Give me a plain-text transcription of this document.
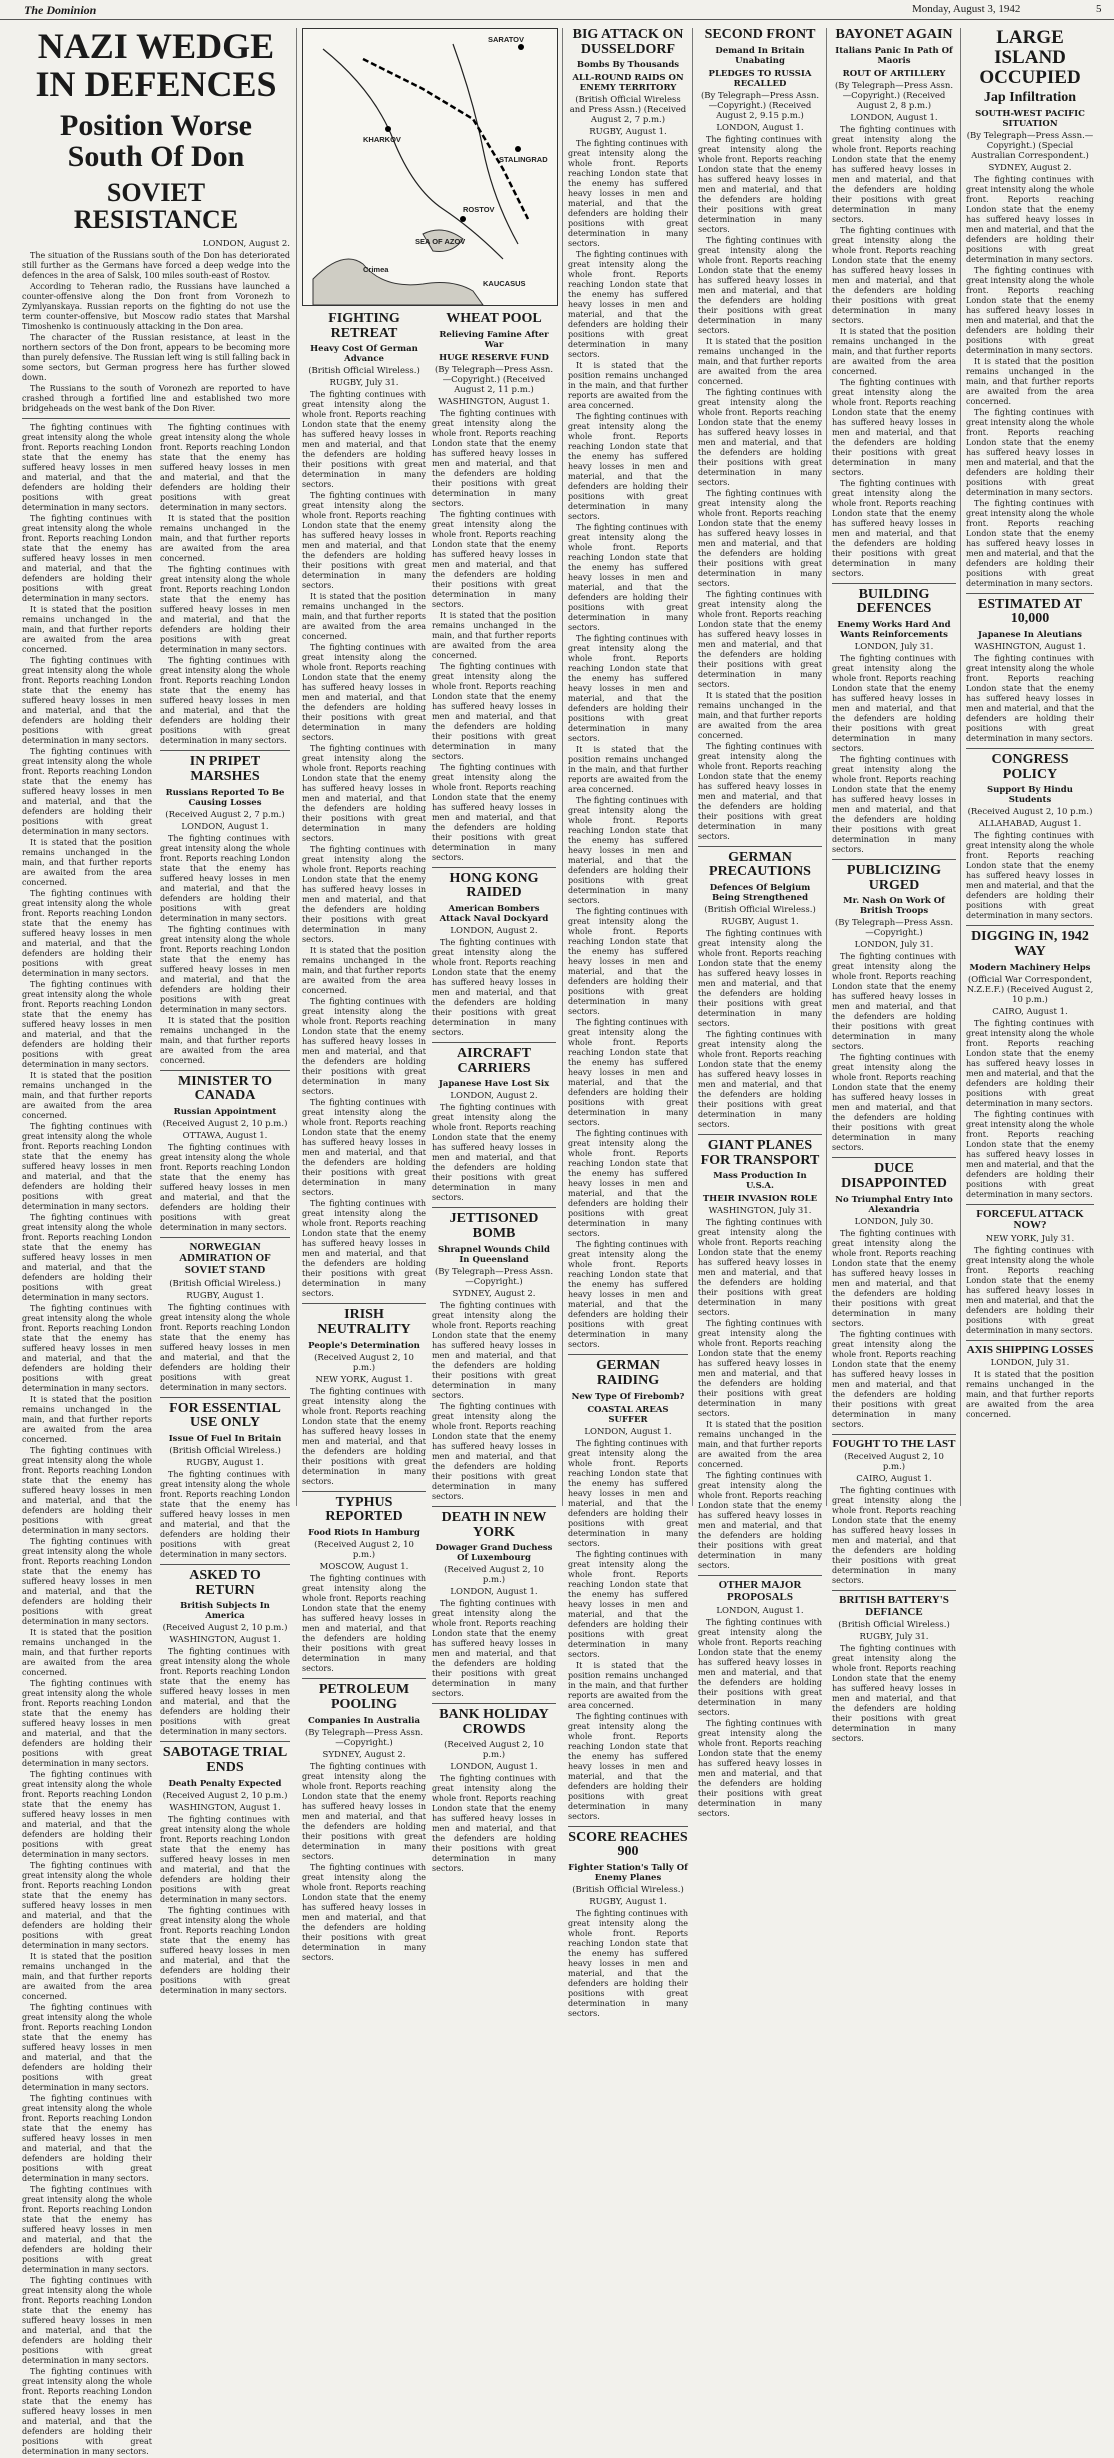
The Dominion	Monday, August 3, 1942	5
NAZI WEDGE IN DEFENCES
Position Worse South Of Don
SOVIET RESISTANCE
LONDON, August 2.

The situation of the Russians south of the Don has deteriorated still further as the Germans have forced a deep wedge into the defences in the area of Salsk, 100 miles south-east of Rostov.

According to Teheran radio, the Russians have launched a counter-offensive along the Don front from Voronezh to Zymlyanskaya. Russian reports on the fighting do not use the term counter-offensive, but Moscow radio states that Marshal Timoshenko is continuously attacking in the Don area.

The character of the Russian resistance, at least in the northern sectors of the Don front, appears to be becoming more than purely defensive. The Russian left wing is still falling back in some sectors, but German progress here has further slowed down.

The Russians to the south of Voronezh are reported to have crashed through a fortified line and established two more bridgeheads on the west bank of the Don River.

The fighting continues with great intensity along the whole front. Reports reaching London state that the enemy has suffered heavy losses in men and material, and that the defenders are holding their positions with great determination in many sectors.

The fighting continues with great intensity along the whole front. Reports reaching London state that the enemy has suffered heavy losses in men and material, and that the defenders are holding their positions with great determination in many sectors.

It is stated that the position remains unchanged in the main, and that further reports are awaited from the area concerned.

The fighting continues with great intensity along the whole front. Reports reaching London state that the enemy has suffered heavy losses in men and material, and that the defenders are holding their positions with great determination in many sectors.

The fighting continues with great intensity along the whole front. Reports reaching London state that the enemy has suffered heavy losses in men and material, and that the defenders are holding their positions with great determination in many sectors.

It is stated that the position remains unchanged in the main, and that further reports are awaited from the area concerned.

The fighting continues with great intensity along the whole front. Reports reaching London state that the enemy has suffered heavy losses in men and material, and that the defenders are holding their positions with great determination in many sectors.

The fighting continues with great intensity along the whole front. Reports reaching London state that the enemy has suffered heavy losses in men and material, and that the defenders are holding their positions with great determination in many sectors.

It is stated that the position remains unchanged in the main, and that further reports are awaited from the area concerned.

The fighting continues with great intensity along the whole front. Reports reaching London state that the enemy has suffered heavy losses in men and material, and that the defenders are holding their positions with great determination in many sectors.

The fighting continues with great intensity along the whole front. Reports reaching London state that the enemy has suffered heavy losses in men and material, and that the defenders are holding their positions with great determination in many sectors.

The fighting continues with great intensity along the whole front. Reports reaching London state that the enemy has suffered heavy losses in men and material, and that the defenders are holding their positions with great determination in many sectors.

It is stated that the position remains unchanged in the main, and that further reports are awaited from the area concerned.

The fighting continues with great intensity along the whole front. Reports reaching London state that the enemy has suffered heavy losses in men and material, and that the defenders are holding their positions with great determination in many sectors.

The fighting continues with great intensity along the whole front. Reports reaching London state that the enemy has suffered heavy losses in men and material, and that the defenders are holding their positions with great determination in many sectors.

It is stated that the position remains unchanged in the main, and that further reports are awaited from the area concerned.

The fighting continues with great intensity along the whole front. Reports reaching London state that the enemy has suffered heavy losses in men and material, and that the defenders are holding their positions with great determination in many sectors.

The fighting continues with great intensity along the whole front. Reports reaching London state that the enemy has suffered heavy losses in men and material, and that the defenders are holding their positions with great determination in many sectors.

The fighting continues with great intensity along the whole front. Reports reaching London state that the enemy has suffered heavy losses in men and material, and that the defenders are holding their positions with great determination in many sectors.

It is stated that the position remains unchanged in the main, and that further reports are awaited from the area concerned.

The fighting continues with great intensity along the whole front. Reports reaching London state that the enemy has suffered heavy losses in men and material, and that the defenders are holding their positions with great determination in many sectors.

The fighting continues with great intensity along the whole front. Reports reaching London state that the enemy has suffered heavy losses in men and material, and that the defenders are holding their positions with great determination in many sectors.

The fighting continues with great intensity along the whole front. Reports reaching London state that the enemy has suffered heavy losses in men and material, and that the defenders are holding their positions with great determination in many sectors.

The fighting continues with great intensity along the whole front. Reports reaching London state that the enemy has suffered heavy losses in men and material, and that the defenders are holding their positions with great determination in many sectors.

The fighting continues with great intensity along the whole front. Reports reaching London state that the enemy has suffered heavy losses in men and material, and that the defenders are holding their positions with great determination in many sectors.

The fighting continues with great intensity along the whole front. Reports reaching London state that the enemy has suffered heavy losses in men and material, and that the defenders are holding their positions with great determination in many sectors.

It is stated that the position remains unchanged in the main, and that further reports are awaited from the area concerned.

The fighting continues with great intensity along the whole front. Reports reaching London state that the enemy has suffered heavy losses in men and material, and that the defenders are holding their positions with great determination in many sectors.

The fighting continues with great intensity along the whole front. Reports reaching London state that the enemy has suffered heavy losses in men and material, and that the defenders are holding their positions with great determination in many sectors.

IN PRIPET MARSHES
Russians Reported To Be Causing Losses
(Received August 2, 7 p.m.)
LONDON, August 1.

The fighting continues with great intensity along the whole front. Reports reaching London state that the enemy has suffered heavy losses in men and material, and that the defenders are holding their positions with great determination in many sectors.

The fighting continues with great intensity along the whole front. Reports reaching London state that the enemy has suffered heavy losses in men and material, and that the defenders are holding their positions with great determination in many sectors.

It is stated that the position remains unchanged in the main, and that further reports are awaited from the area concerned.

MINISTER TO CANADA
Russian Appointment
(Received August 2, 10 p.m.)
OTTAWA, August 1.

The fighting continues with great intensity along the whole front. Reports reaching London state that the enemy has suffered heavy losses in men and material, and that the defenders are holding their positions with great determination in many sectors.

NORWEGIAN ADMIRATION OF SOVIET STAND
(British Official Wireless.)
RUGBY, August 1.

The fighting continues with great intensity along the whole front. Reports reaching London state that the enemy has suffered heavy losses in men and material, and that the defenders are holding their positions with great determination in many sectors.

FOR ESSENTIAL USE ONLY
Issue Of Fuel In Britain
(British Official Wireless.)
RUGBY, August 1.

The fighting continues with great intensity along the whole front. Reports reaching London state that the enemy has suffered heavy losses in men and material, and that the defenders are holding their positions with great determination in many sectors.

ASKED TO RETURN
British Subjects In America
(Received August 2, 10 p.m.)
WASHINGTON, August 1.

The fighting continues with great intensity along the whole front. Reports reaching London state that the enemy has suffered heavy losses in men and material, and that the defenders are holding their positions with great determination in many sectors.

SABOTAGE TRIAL ENDS
Death Penalty Expected
(Received August 2, 10 p.m.)
WASHINGTON, August 1.

The fighting continues with great intensity along the whole front. Reports reaching London state that the enemy has suffered heavy losses in men and material, and that the defenders are holding their positions with great determination in many sectors.

The fighting continues with great intensity along the whole front. Reports reaching London state that the enemy has suffered heavy losses in men and material, and that the defenders are holding their positions with great determination in many sectors.

SARATOV
KHARKOV
ROSTOV
Crimea
KAUCASUS
SEA OF AZOV
STALINGRAD
FIGHTING RETREAT
Heavy Cost Of German Advance
(British Official Wireless.)
RUGBY, July 31.

The fighting continues with great intensity along the whole front. Reports reaching London state that the enemy has suffered heavy losses in men and material, and that the defenders are holding their positions with great determination in many sectors.

The fighting continues with great intensity along the whole front. Reports reaching London state that the enemy has suffered heavy losses in men and material, and that the defenders are holding their positions with great determination in many sectors.

It is stated that the position remains unchanged in the main, and that further reports are awaited from the area concerned.

The fighting continues with great intensity along the whole front. Reports reaching London state that the enemy has suffered heavy losses in men and material, and that the defenders are holding their positions with great determination in many sectors.

The fighting continues with great intensity along the whole front. Reports reaching London state that the enemy has suffered heavy losses in men and material, and that the defenders are holding their positions with great determination in many sectors.

The fighting continues with great intensity along the whole front. Reports reaching London state that the enemy has suffered heavy losses in men and material, and that the defenders are holding their positions with great determination in many sectors.

It is stated that the position remains unchanged in the main, and that further reports are awaited from the area concerned.

The fighting continues with great intensity along the whole front. Reports reaching London state that the enemy has suffered heavy losses in men and material, and that the defenders are holding their positions with great determination in many sectors.

The fighting continues with great intensity along the whole front. Reports reaching London state that the enemy has suffered heavy losses in men and material, and that the defenders are holding their positions with great determination in many sectors.

The fighting continues with great intensity along the whole front. Reports reaching London state that the enemy has suffered heavy losses in men and material, and that the defenders are holding their positions with great determination in many sectors.

IRISH NEUTRALITY
People's Determination
(Received August 2, 10 p.m.)
NEW YORK, August 1.

The fighting continues with great intensity along the whole front. Reports reaching London state that the enemy has suffered heavy losses in men and material, and that the defenders are holding their positions with great determination in many sectors.

TYPHUS REPORTED
Food Riots In Hamburg
(Received August 2, 10 p.m.)
MOSCOW, August 1.

The fighting continues with great intensity along the whole front. Reports reaching London state that the enemy has suffered heavy losses in men and material, and that the defenders are holding their positions with great determination in many sectors.

PETROLEUM POOLING
Companies In Australia
(By Telegraph—Press Assn.—Copyright.)
SYDNEY, August 2.

The fighting continues with great intensity along the whole front. Reports reaching London state that the enemy has suffered heavy losses in men and material, and that the defenders are holding their positions with great determination in many sectors.

The fighting continues with great intensity along the whole front. Reports reaching London state that the enemy has suffered heavy losses in men and material, and that the defenders are holding their positions with great determination in many sectors.

WHEAT POOL
Relieving Famine After War
HUGE RESERVE FUND
(By Telegraph—Press Assn.—Copyright.) (Received August 2, 11 p.m.)
WASHINGTON, August 1.

The fighting continues with great intensity along the whole front. Reports reaching London state that the enemy has suffered heavy losses in men and material, and that the defenders are holding their positions with great determination in many sectors.

The fighting continues with great intensity along the whole front. Reports reaching London state that the enemy has suffered heavy losses in men and material, and that the defenders are holding their positions with great determination in many sectors.

It is stated that the position remains unchanged in the main, and that further reports are awaited from the area concerned.

The fighting continues with great intensity along the whole front. Reports reaching London state that the enemy has suffered heavy losses in men and material, and that the defenders are holding their positions with great determination in many sectors.

The fighting continues with great intensity along the whole front. Reports reaching London state that the enemy has suffered heavy losses in men and material, and that the defenders are holding their positions with great determination in many sectors.

HONG KONG RAIDED
American Bombers Attack Naval Dockyard
LONDON, August 2.

The fighting continues with great intensity along the whole front. Reports reaching London state that the enemy has suffered heavy losses in men and material, and that the defenders are holding their positions with great determination in many sectors.

AIRCRAFT CARRIERS
Japanese Have Lost Six
LONDON, August 2.

The fighting continues with great intensity along the whole front. Reports reaching London state that the enemy has suffered heavy losses in men and material, and that the defenders are holding their positions with great determination in many sectors.

JETTISONED BOMB
Shrapnel Wounds Child In Queensland
(By Telegraph—Press Assn.—Copyright.)
SYDNEY, August 2.

The fighting continues with great intensity along the whole front. Reports reaching London state that the enemy has suffered heavy losses in men and material, and that the defenders are holding their positions with great determination in many sectors.

The fighting continues with great intensity along the whole front. Reports reaching London state that the enemy has suffered heavy losses in men and material, and that the defenders are holding their positions with great determination in many sectors.

DEATH IN NEW YORK
Dowager Grand Duchess Of Luxembourg
(Received August 2, 10 p.m.)
LONDON, August 1.

The fighting continues with great intensity along the whole front. Reports reaching London state that the enemy has suffered heavy losses in men and material, and that the defenders are holding their positions with great determination in many sectors.

BANK HOLIDAY CROWDS
(Received August 2, 10 p.m.)
LONDON, August 1.

The fighting continues with great intensity along the whole front. Reports reaching London state that the enemy has suffered heavy losses in men and material, and that the defenders are holding their positions with great determination in many sectors.

BIG ATTACK ON DUSSELDORF
Bombs By Thousands
ALL-ROUND RAIDS ON ENEMY TERRITORY
(British Official Wireless and Press Assn.) (Received August 2, 7 p.m.)
RUGBY, August 1.

The fighting continues with great intensity along the whole front. Reports reaching London state that the enemy has suffered heavy losses in men and material, and that the defenders are holding their positions with great determination in many sectors.

The fighting continues with great intensity along the whole front. Reports reaching London state that the enemy has suffered heavy losses in men and material, and that the defenders are holding their positions with great determination in many sectors.

It is stated that the position remains unchanged in the main, and that further reports are awaited from the area concerned.

The fighting continues with great intensity along the whole front. Reports reaching London state that the enemy has suffered heavy losses in men and material, and that the defenders are holding their positions with great determination in many sectors.

The fighting continues with great intensity along the whole front. Reports reaching London state that the enemy has suffered heavy losses in men and material, and that the defenders are holding their positions with great determination in many sectors.

The fighting continues with great intensity along the whole front. Reports reaching London state that the enemy has suffered heavy losses in men and material, and that the defenders are holding their positions with great determination in many sectors.

It is stated that the position remains unchanged in the main, and that further reports are awaited from the area concerned.

The fighting continues with great intensity along the whole front. Reports reaching London state that the enemy has suffered heavy losses in men and material, and that the defenders are holding their positions with great determination in many sectors.

The fighting continues with great intensity along the whole front. Reports reaching London state that the enemy has suffered heavy losses in men and material, and that the defenders are holding their positions with great determination in many sectors.

The fighting continues with great intensity along the whole front. Reports reaching London state that the enemy has suffered heavy losses in men and material, and that the defenders are holding their positions with great determination in many sectors.

The fighting continues with great intensity along the whole front. Reports reaching London state that the enemy has suffered heavy losses in men and material, and that the defenders are holding their positions with great determination in many sectors.

The fighting continues with great intensity along the whole front. Reports reaching London state that the enemy has suffered heavy losses in men and material, and that the defenders are holding their positions with great determination in many sectors.

GERMAN RAIDING
New Type Of Firebomb?
COASTAL AREAS SUFFER
LONDON, August 1.

The fighting continues with great intensity along the whole front. Reports reaching London state that the enemy has suffered heavy losses in men and material, and that the defenders are holding their positions with great determination in many sectors.

The fighting continues with great intensity along the whole front. Reports reaching London state that the enemy has suffered heavy losses in men and material, and that the defenders are holding their positions with great determination in many sectors.

It is stated that the position remains unchanged in the main, and that further reports are awaited from the area concerned.

The fighting continues with great intensity along the whole front. Reports reaching London state that the enemy has suffered heavy losses in men and material, and that the defenders are holding their positions with great determination in many sectors.

SCORE REACHES 900
Fighter Station's Tally Of Enemy Planes
(British Official Wireless.)
RUGBY, August 1.

The fighting continues with great intensity along the whole front. Reports reaching London state that the enemy has suffered heavy losses in men and material, and that the defenders are holding their positions with great determination in many sectors.

SECOND FRONT
Demand In Britain Unabating
PLEDGES TO RUSSIA RECALLED
(By Telegraph—Press Assn.—Copyright.) (Received August 2, 9.15 p.m.)
LONDON, August 1.

The fighting continues with great intensity along the whole front. Reports reaching London state that the enemy has suffered heavy losses in men and material, and that the defenders are holding their positions with great determination in many sectors.

The fighting continues with great intensity along the whole front. Reports reaching London state that the enemy has suffered heavy losses in men and material, and that the defenders are holding their positions with great determination in many sectors.

It is stated that the position remains unchanged in the main, and that further reports are awaited from the area concerned.

The fighting continues with great intensity along the whole front. Reports reaching London state that the enemy has suffered heavy losses in men and material, and that the defenders are holding their positions with great determination in many sectors.

The fighting continues with great intensity along the whole front. Reports reaching London state that the enemy has suffered heavy losses in men and material, and that the defenders are holding their positions with great determination in many sectors.

The fighting continues with great intensity along the whole front. Reports reaching London state that the enemy has suffered heavy losses in men and material, and that the defenders are holding their positions with great determination in many sectors.

It is stated that the position remains unchanged in the main, and that further reports are awaited from the area concerned.

The fighting continues with great intensity along the whole front. Reports reaching London state that the enemy has suffered heavy losses in men and material, and that the defenders are holding their positions with great determination in many sectors.

GERMAN PRECAUTIONS
Defences Of Belgium Being Strengthened
(British Official Wireless.)
RUGBY, August 1.

The fighting continues with great intensity along the whole front. Reports reaching London state that the enemy has suffered heavy losses in men and material, and that the defenders are holding their positions with great determination in many sectors.

The fighting continues with great intensity along the whole front. Reports reaching London state that the enemy has suffered heavy losses in men and material, and that the defenders are holding their positions with great determination in many sectors.

GIANT PLANES FOR TRANSPORT
Mass Production In U.S.A.
THEIR INVASION ROLE
WASHINGTON, July 31.

The fighting continues with great intensity along the whole front. Reports reaching London state that the enemy has suffered heavy losses in men and material, and that the defenders are holding their positions with great determination in many sectors.

The fighting continues with great intensity along the whole front. Reports reaching London state that the enemy has suffered heavy losses in men and material, and that the defenders are holding their positions with great determination in many sectors.

It is stated that the position remains unchanged in the main, and that further reports are awaited from the area concerned.

The fighting continues with great intensity along the whole front. Reports reaching London state that the enemy has suffered heavy losses in men and material, and that the defenders are holding their positions with great determination in many sectors.

OTHER MAJOR PROPOSALS
LONDON, August 1.

The fighting continues with great intensity along the whole front. Reports reaching London state that the enemy has suffered heavy losses in men and material, and that the defenders are holding their positions with great determination in many sectors.

The fighting continues with great intensity along the whole front. Reports reaching London state that the enemy has suffered heavy losses in men and material, and that the defenders are holding their positions with great determination in many sectors.

BAYONET AGAIN
Italians Panic In Path Of Maoris
ROUT OF ARTILLERY
(By Telegraph—Press Assn.—Copyright.) (Received August 2, 8 p.m.)
LONDON, August 1.

The fighting continues with great intensity along the whole front. Reports reaching London state that the enemy has suffered heavy losses in men and material, and that the defenders are holding their positions with great determination in many sectors.

The fighting continues with great intensity along the whole front. Reports reaching London state that the enemy has suffered heavy losses in men and material, and that the defenders are holding their positions with great determination in many sectors.

It is stated that the position remains unchanged in the main, and that further reports are awaited from the area concerned.

The fighting continues with great intensity along the whole front. Reports reaching London state that the enemy has suffered heavy losses in men and material, and that the defenders are holding their positions with great determination in many sectors.

The fighting continues with great intensity along the whole front. Reports reaching London state that the enemy has suffered heavy losses in men and material, and that the defenders are holding their positions with great determination in many sectors.

BUILDING DEFENCES
Enemy Works Hard And Wants Reinforcements
LONDON, July 31.

The fighting continues with great intensity along the whole front. Reports reaching London state that the enemy has suffered heavy losses in men and material, and that the defenders are holding their positions with great determination in many sectors.

The fighting continues with great intensity along the whole front. Reports reaching London state that the enemy has suffered heavy losses in men and material, and that the defenders are holding their positions with great determination in many sectors.

PUBLICIZING URGED
Mr. Nash On Work Of British Troops
(By Telegraph—Press Assn.—Copyright.)
LONDON, July 31.

The fighting continues with great intensity along the whole front. Reports reaching London state that the enemy has suffered heavy losses in men and material, and that the defenders are holding their positions with great determination in many sectors.

The fighting continues with great intensity along the whole front. Reports reaching London state that the enemy has suffered heavy losses in men and material, and that the defenders are holding their positions with great determination in many sectors.

DUCE DISAPPOINTED
No Triumphal Entry Into Alexandria
LONDON, July 30.

The fighting continues with great intensity along the whole front. Reports reaching London state that the enemy has suffered heavy losses in men and material, and that the defenders are holding their positions with great determination in many sectors.

The fighting continues with great intensity along the whole front. Reports reaching London state that the enemy has suffered heavy losses in men and material, and that the defenders are holding their positions with great determination in many sectors.

FOUGHT TO THE LAST
(Received August 2, 10 p.m.)
CAIRO, August 1.

The fighting continues with great intensity along the whole front. Reports reaching London state that the enemy has suffered heavy losses in men and material, and that the defenders are holding their positions with great determination in many sectors.

BRITISH BATTERY'S DEFIANCE
(British Official Wireless.)
RUGBY, July 31.

The fighting continues with great intensity along the whole front. Reports reaching London state that the enemy has suffered heavy losses in men and material, and that the defenders are holding their positions with great determination in many sectors.

LARGE ISLAND OCCUPIED
Jap Infiltration
SOUTH-WEST PACIFIC SITUATION
(By Telegraph—Press Assn.—Copyright.) (Special Australian Correspondent.)
SYDNEY, August 2.

The fighting continues with great intensity along the whole front. Reports reaching London state that the enemy has suffered heavy losses in men and material, and that the defenders are holding their positions with great determination in many sectors.

The fighting continues with great intensity along the whole front. Reports reaching London state that the enemy has suffered heavy losses in men and material, and that the defenders are holding their positions with great determination in many sectors.

It is stated that the position remains unchanged in the main, and that further reports are awaited from the area concerned.

The fighting continues with great intensity along the whole front. Reports reaching London state that the enemy has suffered heavy losses in men and material, and that the defenders are holding their positions with great determination in many sectors.

The fighting continues with great intensity along the whole front. Reports reaching London state that the enemy has suffered heavy losses in men and material, and that the defenders are holding their positions with great determination in many sectors.

ESTIMATED AT 10,000
Japanese In Aleutians
WASHINGTON, August 1.

The fighting continues with great intensity along the whole front. Reports reaching London state that the enemy has suffered heavy losses in men and material, and that the defenders are holding their positions with great determination in many sectors.

CONGRESS POLICY
Support By Hindu Students
(Received August 2, 10 p.m.)
ALLAHABAD, August 1.

The fighting continues with great intensity along the whole front. Reports reaching London state that the enemy has suffered heavy losses in men and material, and that the defenders are holding their positions with great determination in many sectors.

DIGGING IN, 1942 WAY
Modern Machinery Helps
(Official War Correspondent, N.Z.E.F.) (Received August 2, 10 p.m.)
CAIRO, August 1.

The fighting continues with great intensity along the whole front. Reports reaching London state that the enemy has suffered heavy losses in men and material, and that the defenders are holding their positions with great determination in many sectors.

The fighting continues with great intensity along the whole front. Reports reaching London state that the enemy has suffered heavy losses in men and material, and that the defenders are holding their positions with great determination in many sectors.

FORCEFUL ATTACK NOW?
NEW YORK, July 31.

The fighting continues with great intensity along the whole front. Reports reaching London state that the enemy has suffered heavy losses in men and material, and that the defenders are holding their positions with great determination in many sectors.

AXIS SHIPPING LOSSES
LONDON, July 31.

It is stated that the position remains unchanged in the main, and that further reports are awaited from the area concerned.
